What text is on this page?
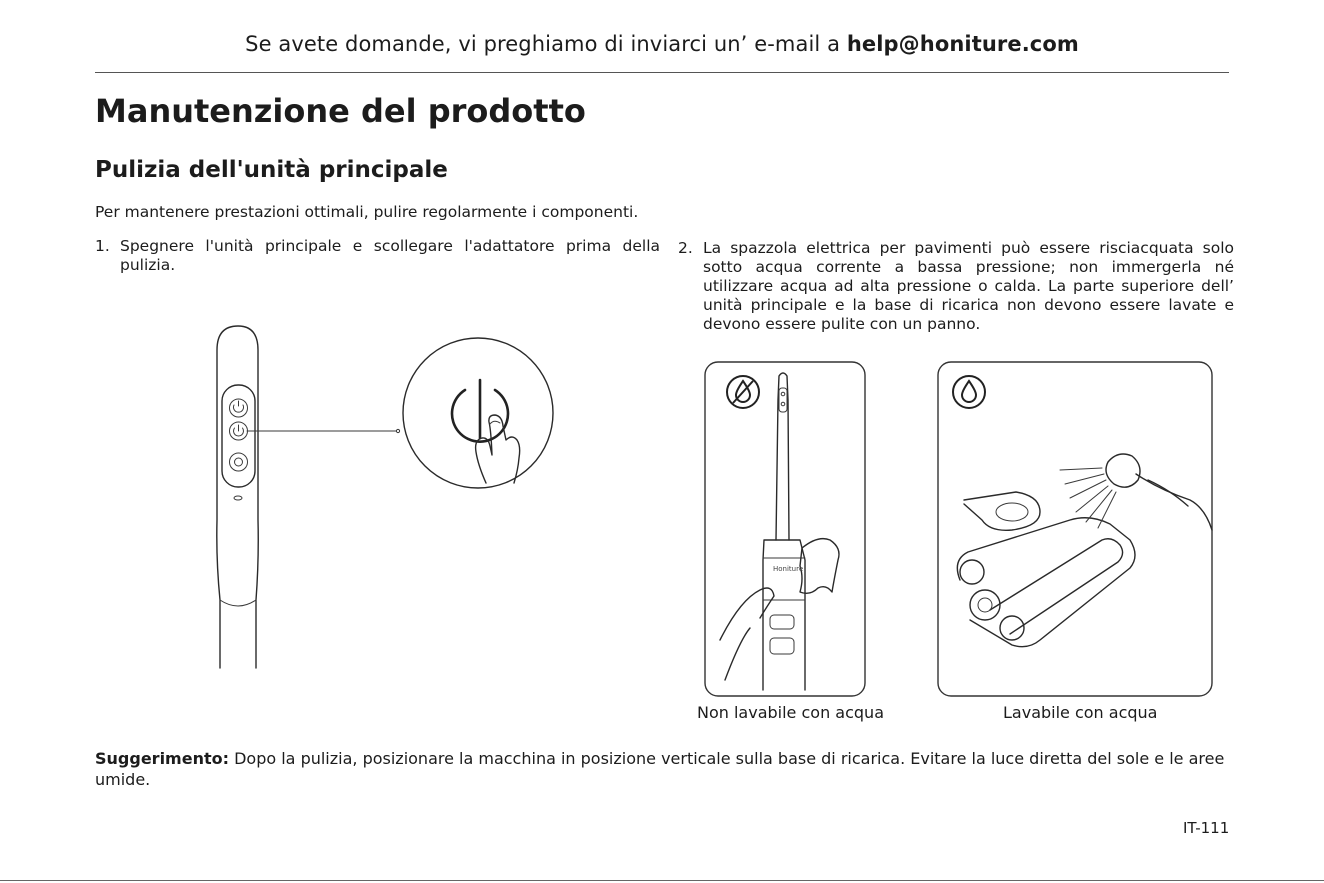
Se avete domande, vi preghiamo di inviarci un’ e-mail a help@honiture.com
Manutenzione del prodotto
Pulizia dell'unità principale
Per mantenere prestazioni ottimali, pulire regolarmente i componenti.
1. Spegnere l'unità principale e scollegare l'adattatore prima della pulizia.
2. La spazzola elettrica per pavimenti può essere risciacquata solo sotto acqua corrente a bassa pressione; non immergerla né utilizzare acqua ad alta pressione o calda. La parte superiore dell’ unità principale e la base di ricarica non devono essere lavate e devono essere pulite con un panno.
Honiture
Non lavabile con acqua	Lavabile con acqua
Suggerimento: Dopo la pulizia, posizionare la macchina in posizione verticale sulla base di ricarica. Evitare la luce diretta del sole e le aree umide.
IT-111
